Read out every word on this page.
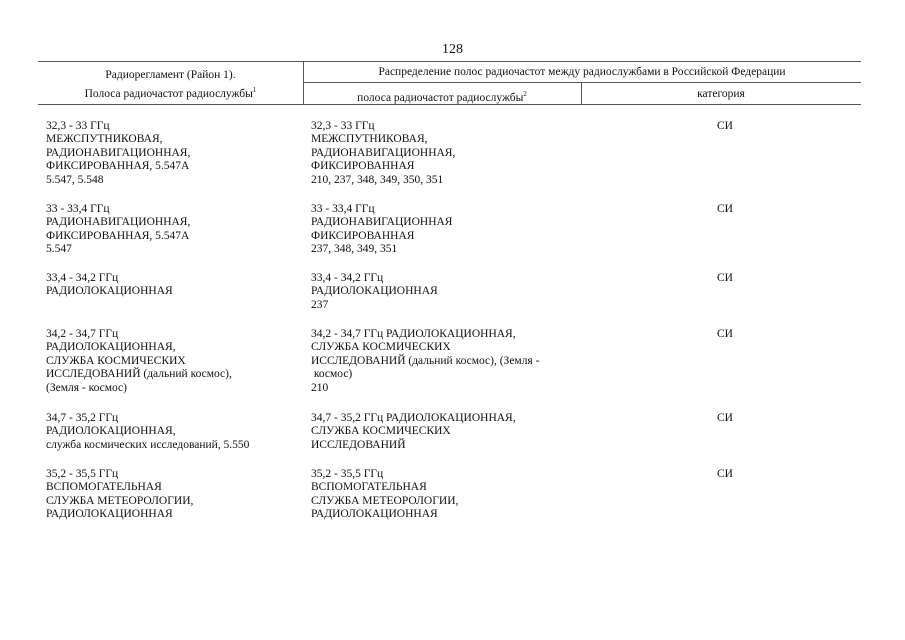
128
Радиорегламент (Район 1).
Полоса радиочастот радиослужбы$^1$
Распределение полос радиочастот между радиослужбами в Российской Федерации
полоса радиочастот радиослужбы$^2$	категория
32,3 - 33 ГГц
МЕЖСПУТНИКОВАЯ,
РАДИОНАВИГАЦИОННАЯ,
ФИКСИРОВАННАЯ, 5.547А
5.547, 5.548
32,3 - 33 ГГц
МЕЖСПУТНИКОВАЯ,
РАДИОНАВИГАЦИОННАЯ,
ФИКСИРОВАННАЯ
210, 237, 348, 349, 350, 351
СИ
33 - 33,4 ГГц
РАДИОНАВИГАЦИОННАЯ,
ФИКСИРОВАННАЯ, 5.547А
5.547
33 - 33,4 ГГц
РАДИОНАВИГАЦИОННАЯ
ФИКСИРОВАННАЯ
237, 348, 349, 351
СИ
33,4 - 34,2 ГГц
РАДИОЛОКАЦИОННАЯ
33,4 - 34,2 ГГц
РАДИОЛОКАЦИОННАЯ
237
СИ
34,2 - 34,7 ГГц
РАДИОЛОКАЦИОННАЯ,
СЛУЖБА КОСМИЧЕСКИХ
ИССЛЕДОВАНИЙ (дальний космос),
(Земля - космос)
34,2 - 34,7 ГГц РАДИОЛОКАЦИОННАЯ,
СЛУЖБА КОСМИЧЕСКИХ
ИССЛЕДОВАНИЙ (дальний космос), (Земля -
космос)
210
СИ
34,7 - 35,2 ГГц
РАДИОЛОКАЦИОННАЯ,
служба космических исследований, 5.550
34,7 - 35,2 ГГц РАДИОЛОКАЦИОННАЯ,
СЛУЖБА КОСМИЧЕСКИХ
ИССЛЕДОВАНИЙ
СИ
35,2 - 35,5 ГГц
ВСПОМОГАТЕЛЬНАЯ
СЛУЖБА МЕТЕОРОЛОГИИ,
РАДИОЛОКАЦИОННАЯ
35,2 - 35,5 ГГц
ВСПОМОГАТЕЛЬНАЯ
СЛУЖБА МЕТЕОРОЛОГИИ,
РАДИОЛОКАЦИОННАЯ
СИ
